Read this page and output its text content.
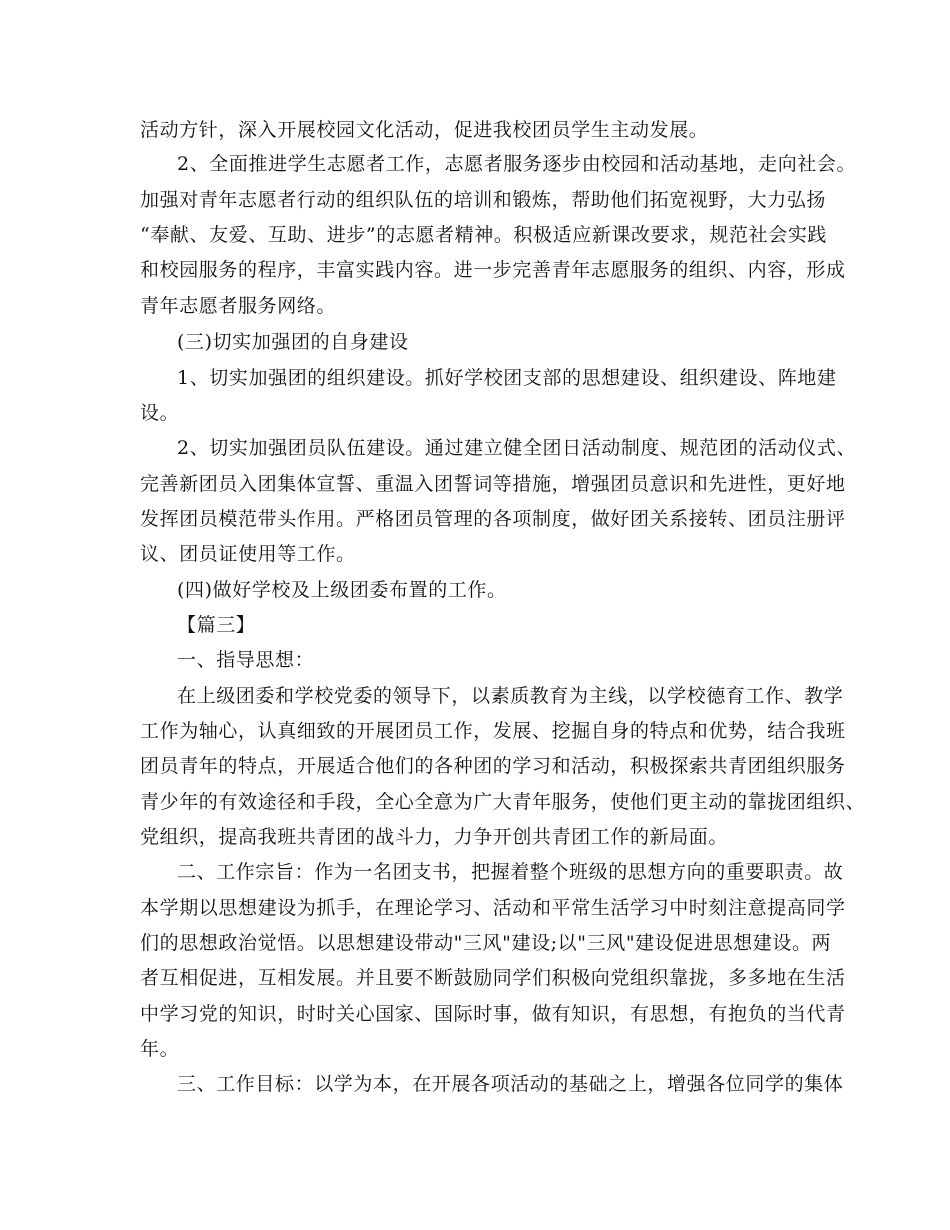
活动方针，深入开展校园文化活动，促进我校团员学生主动发展。
2、全面推进学生志愿者工作，志愿者服务逐步由校园和活动基地，走向社会。
加强对青年志愿者行动的组织队伍的培训和锻炼，帮助他们拓宽视野，大力弘扬
“奉献、友爱、互助、进步”的志愿者精神。积极适应新课改要求，规范社会实践
和校园服务的程序，丰富实践内容。进一步完善青年志愿服务的组织、内容，形成
青年志愿者服务网络。
(三)切实加强团的自身建设
1、切实加强团的组织建设。抓好学校团支部的思想建设、组织建设、阵地建
设。
2、切实加强团员队伍建设。通过建立健全团日活动制度、规范团的活动仪式、
完善新团员入团集体宣誓、重温入团誓词等措施，增强团员意识和先进性，更好地
发挥团员模范带头作用。严格团员管理的各项制度，做好团关系接转、团员注册评
议、团员证使用等工作。
(四)做好学校及上级团委布置的工作。
【篇三】
一、指导思想：
在上级团委和学校党委的领导下，以素质教育为主线，以学校德育工作、教学
工作为轴心，认真细致的开展团员工作，发展、挖掘自身的特点和优势，结合我班
团员青年的特点，开展适合他们的各种团的学习和活动，积极探索共青团组织服务
青少年的有效途径和手段，全心全意为广大青年服务，使他们更主动的靠拢团组织、
党组织，提高我班共青团的战斗力，力争开创共青团工作的新局面。
二、工作宗旨：作为一名团支书，把握着整个班级的思想方向的重要职责。故
本学期以思想建设为抓手，在理论学习、活动和平常生活学习中时刻注意提高同学
们的思想政治觉悟。以思想建设带动"三风"建设;以"三风"建设促进思想建设。两
者互相促进，互相发展。并且要不断鼓励同学们积极向党组织靠拢，多多地在生活
中学习党的知识，时时关心国家、国际时事，做有知识，有思想，有抱负的当代青
年。
三、工作目标：以学为本，在开展各项活动的基础之上，增强各位同学的集体
